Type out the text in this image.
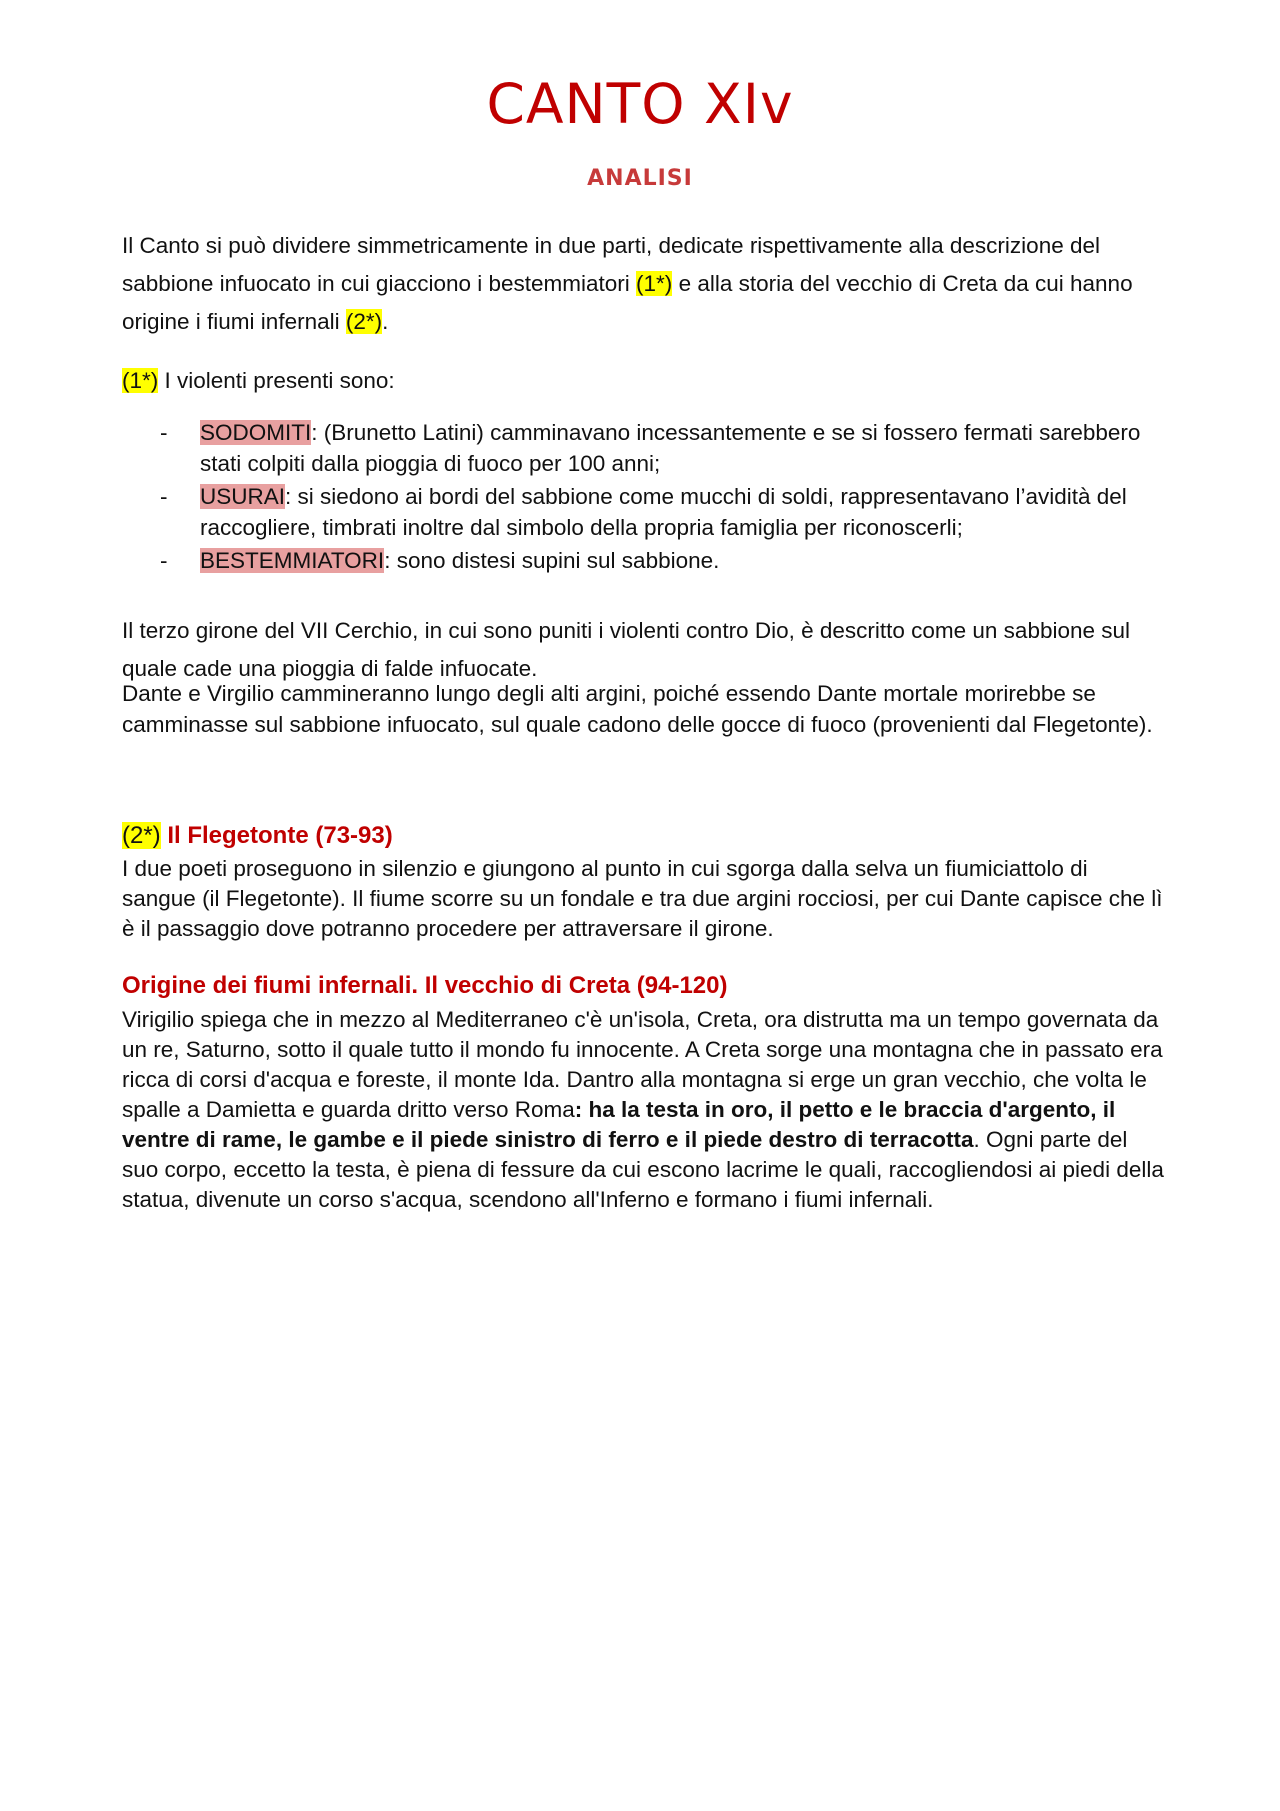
CANTO XIv
ANALISI
Il Canto si può dividere simmetricamente in due parti, dedicate rispettivamente alla descrizione del sabbione infuocato in cui giacciono i bestemmiatori (1*) e alla storia del vecchio di Creta da cui hanno origine i fiumi infernali (2*).
(1*) I violenti presenti sono:
- SODOMITI: (Brunetto Latini) camminavano incessantemente e se si fossero fermati sarebbero stati colpiti dalla pioggia di fuoco per 100 anni;
- USURAI: si siedono ai bordi del sabbione come mucchi di soldi, rappresentavano l’avidità del raccogliere, timbrati inoltre dal simbolo della propria famiglia per riconoscerli;
- BESTEMMIATORI: sono distesi supini sul sabbione.
Il terzo girone del VII Cerchio, in cui sono puniti i violenti contro Dio, è descritto come un sabbione sul quale cade una pioggia di falde infuocate.
Dante e Virgilio cammineranno lungo degli alti argini, poiché essendo Dante mortale morirebbe se camminasse sul sabbione infuocato, sul quale cadono delle gocce di fuoco (provenienti dal Flegetonte).
(2*) Il Flegetonte (73-93)
I due poeti proseguono in silenzio e giungono al punto in cui sgorga dalla selva un fiumiciattolo di sangue (il Flegetonte). Il fiume scorre su un fondale e tra due argini rocciosi, per cui Dante capisce che lì è il passaggio dove potranno procedere per attraversare il girone.
Origine dei fiumi infernali. Il vecchio di Creta (94-120)
Virigilio spiega che in mezzo al Mediterraneo c'è un'isola, Creta, ora distrutta ma un tempo governata da un re, Saturno, sotto il quale tutto il mondo fu innocente. A Creta sorge una montagna che in passato era ricca di corsi d'acqua e foreste, il monte Ida. Dantro alla montagna si erge un gran vecchio, che volta le spalle a Damietta e guarda dritto verso Roma: ha la testa in oro, il petto e le braccia d'argento, il ventre di rame, le gambe e il piede sinistro di ferro e il piede destro di terracotta. Ogni parte del suo corpo, eccetto la testa, è piena di fessure da cui escono lacrime le quali, raccogliendosi ai piedi della statua, divenute un corso s'acqua, scendono all'Inferno e formano i fiumi infernali.
